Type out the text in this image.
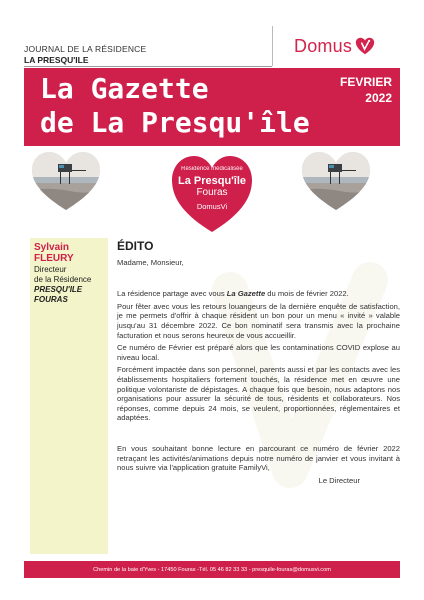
JOURNAL DE LA RÉSIDENCE
LA PRESQU'ILE
Domus
La Gazette
de La Presqu'île
FEVRIER
2022
Résidence médicalisée
La Presqu'île
Fouras
DomusVi
Sylvain
FLEURY
Directeur
de la Résidence
PRESQU'ILE
FOURAS
ÉDITO

Madame, Monsieur,

La résidence partage avec vous La Gazette du mois de février 2022.

Pour fêter avec vous les retours louangeurs de la dernière enquête de satisfaction, je me permets d'offrir à chaque résident un bon pour un menu « invité » valable jusqu'au 31 décembre 2022. Ce bon nominatif sera transmis avec la prochaine facturation et nous serons heureux de vous accueillir.

Ce numéro de Février est préparé alors que les contaminations COVID explose au niveau local.

Forcément impactée dans son personnel, parents aussi et par les contacts avec les établissements hospitaliers fortement touchés, la résidence met en œuvre une politique volontariste de dépistages. A chaque fois que besoin, nous adaptons nos organisations pour assurer la sécurité de tous, résidents et collaborateurs. Nos réponses, comme depuis 24 mois, se veulent, proportionnées, réglementaires et adaptées.

En vous souhaitant bonne lecture en parcourant ce numéro de février 2022 retraçant les activités/animations depuis notre numéro de janvier et vous invitant à nous suivre via l'application gratuite FamilyVi,

Le Directeur

Chemin de la baie d'Yves - 17450 Fouras -Tél. 05 46 82 33 33 - presquile-fouras@domusvi.com
